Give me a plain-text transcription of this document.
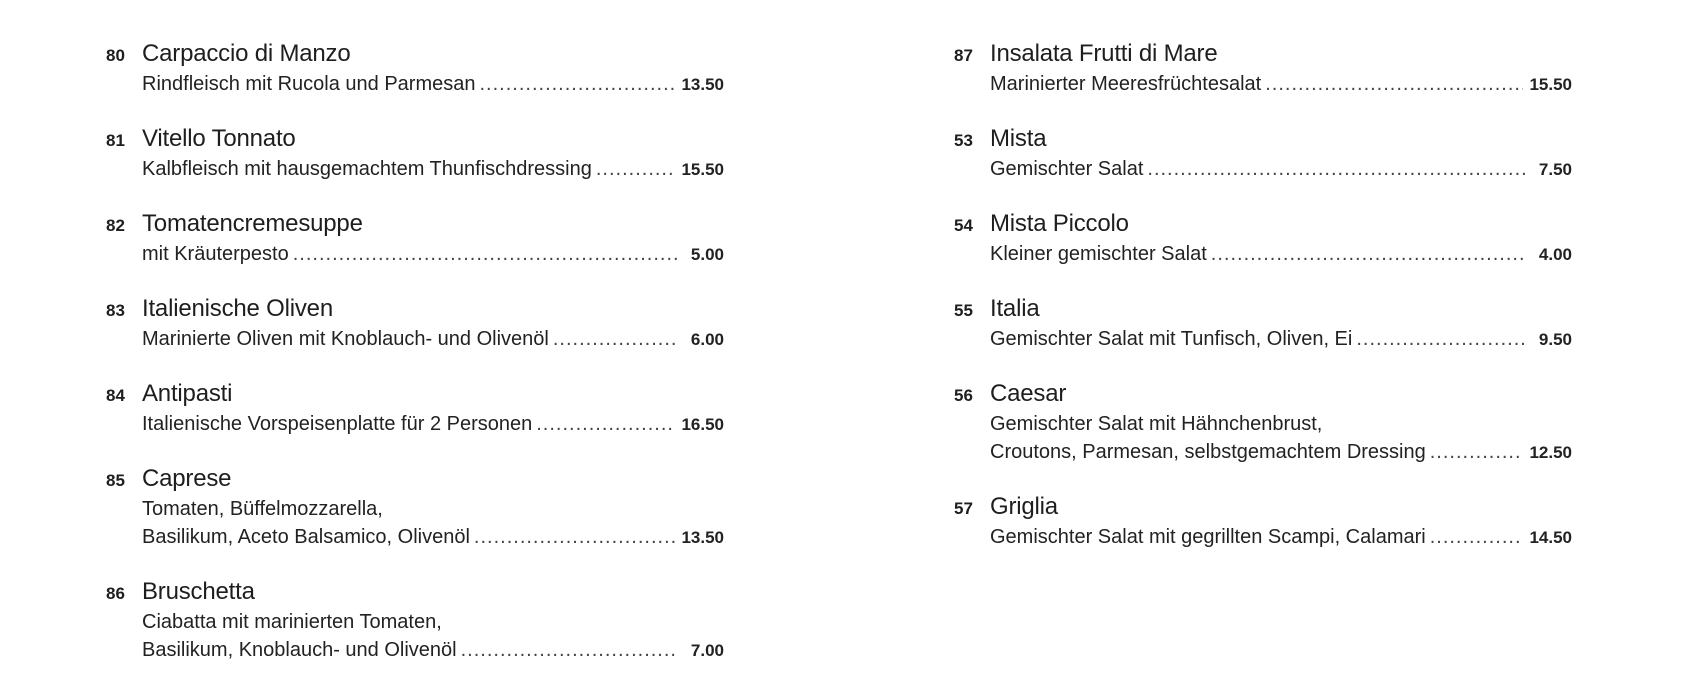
80 Carpaccio di Manzo
Rindfleisch mit Rucola und Parmesan .....	13.50
81 Vitello Tonnato
Kalbfleisch mit hausgemachtem Thunfischdressing .....	15.50
82 Tomatencremesuppe
mit Kräuterpesto .....	5.00
83 Italienische Oliven
Marinierte Oliven mit Knoblauch- und Olivenöl .....	6.00
84 Antipasti
Italienische Vorspeisenplatte für 2 Personen .....	16.50
85 Caprese
Tomaten, Büffelmozzarella,
Basilikum, Aceto Balsamico, Olivenöl .....	13.50
86 Bruschetta
Ciabatta mit marinierten Tomaten,
Basilikum, Knoblauch- und Olivenöl .....	7.00
87 Insalata Frutti di Mare
Marinierter Meeresfrüchtesalat .....	15.50
53 Mista
Gemischter Salat .....	7.50
54 Mista Piccolo
Kleiner gemischter Salat .....	4.00
55 Italia
Gemischter Salat mit Tunfisch, Oliven, Ei .....	9.50
56 Caesar
Gemischter Salat mit Hähnchenbrust,
Croutons, Parmesan, selbstgemachtem Dressing .....	12.50
57 Griglia
Gemischter Salat mit gegrillten Scampi, Calamari .....	14.50
